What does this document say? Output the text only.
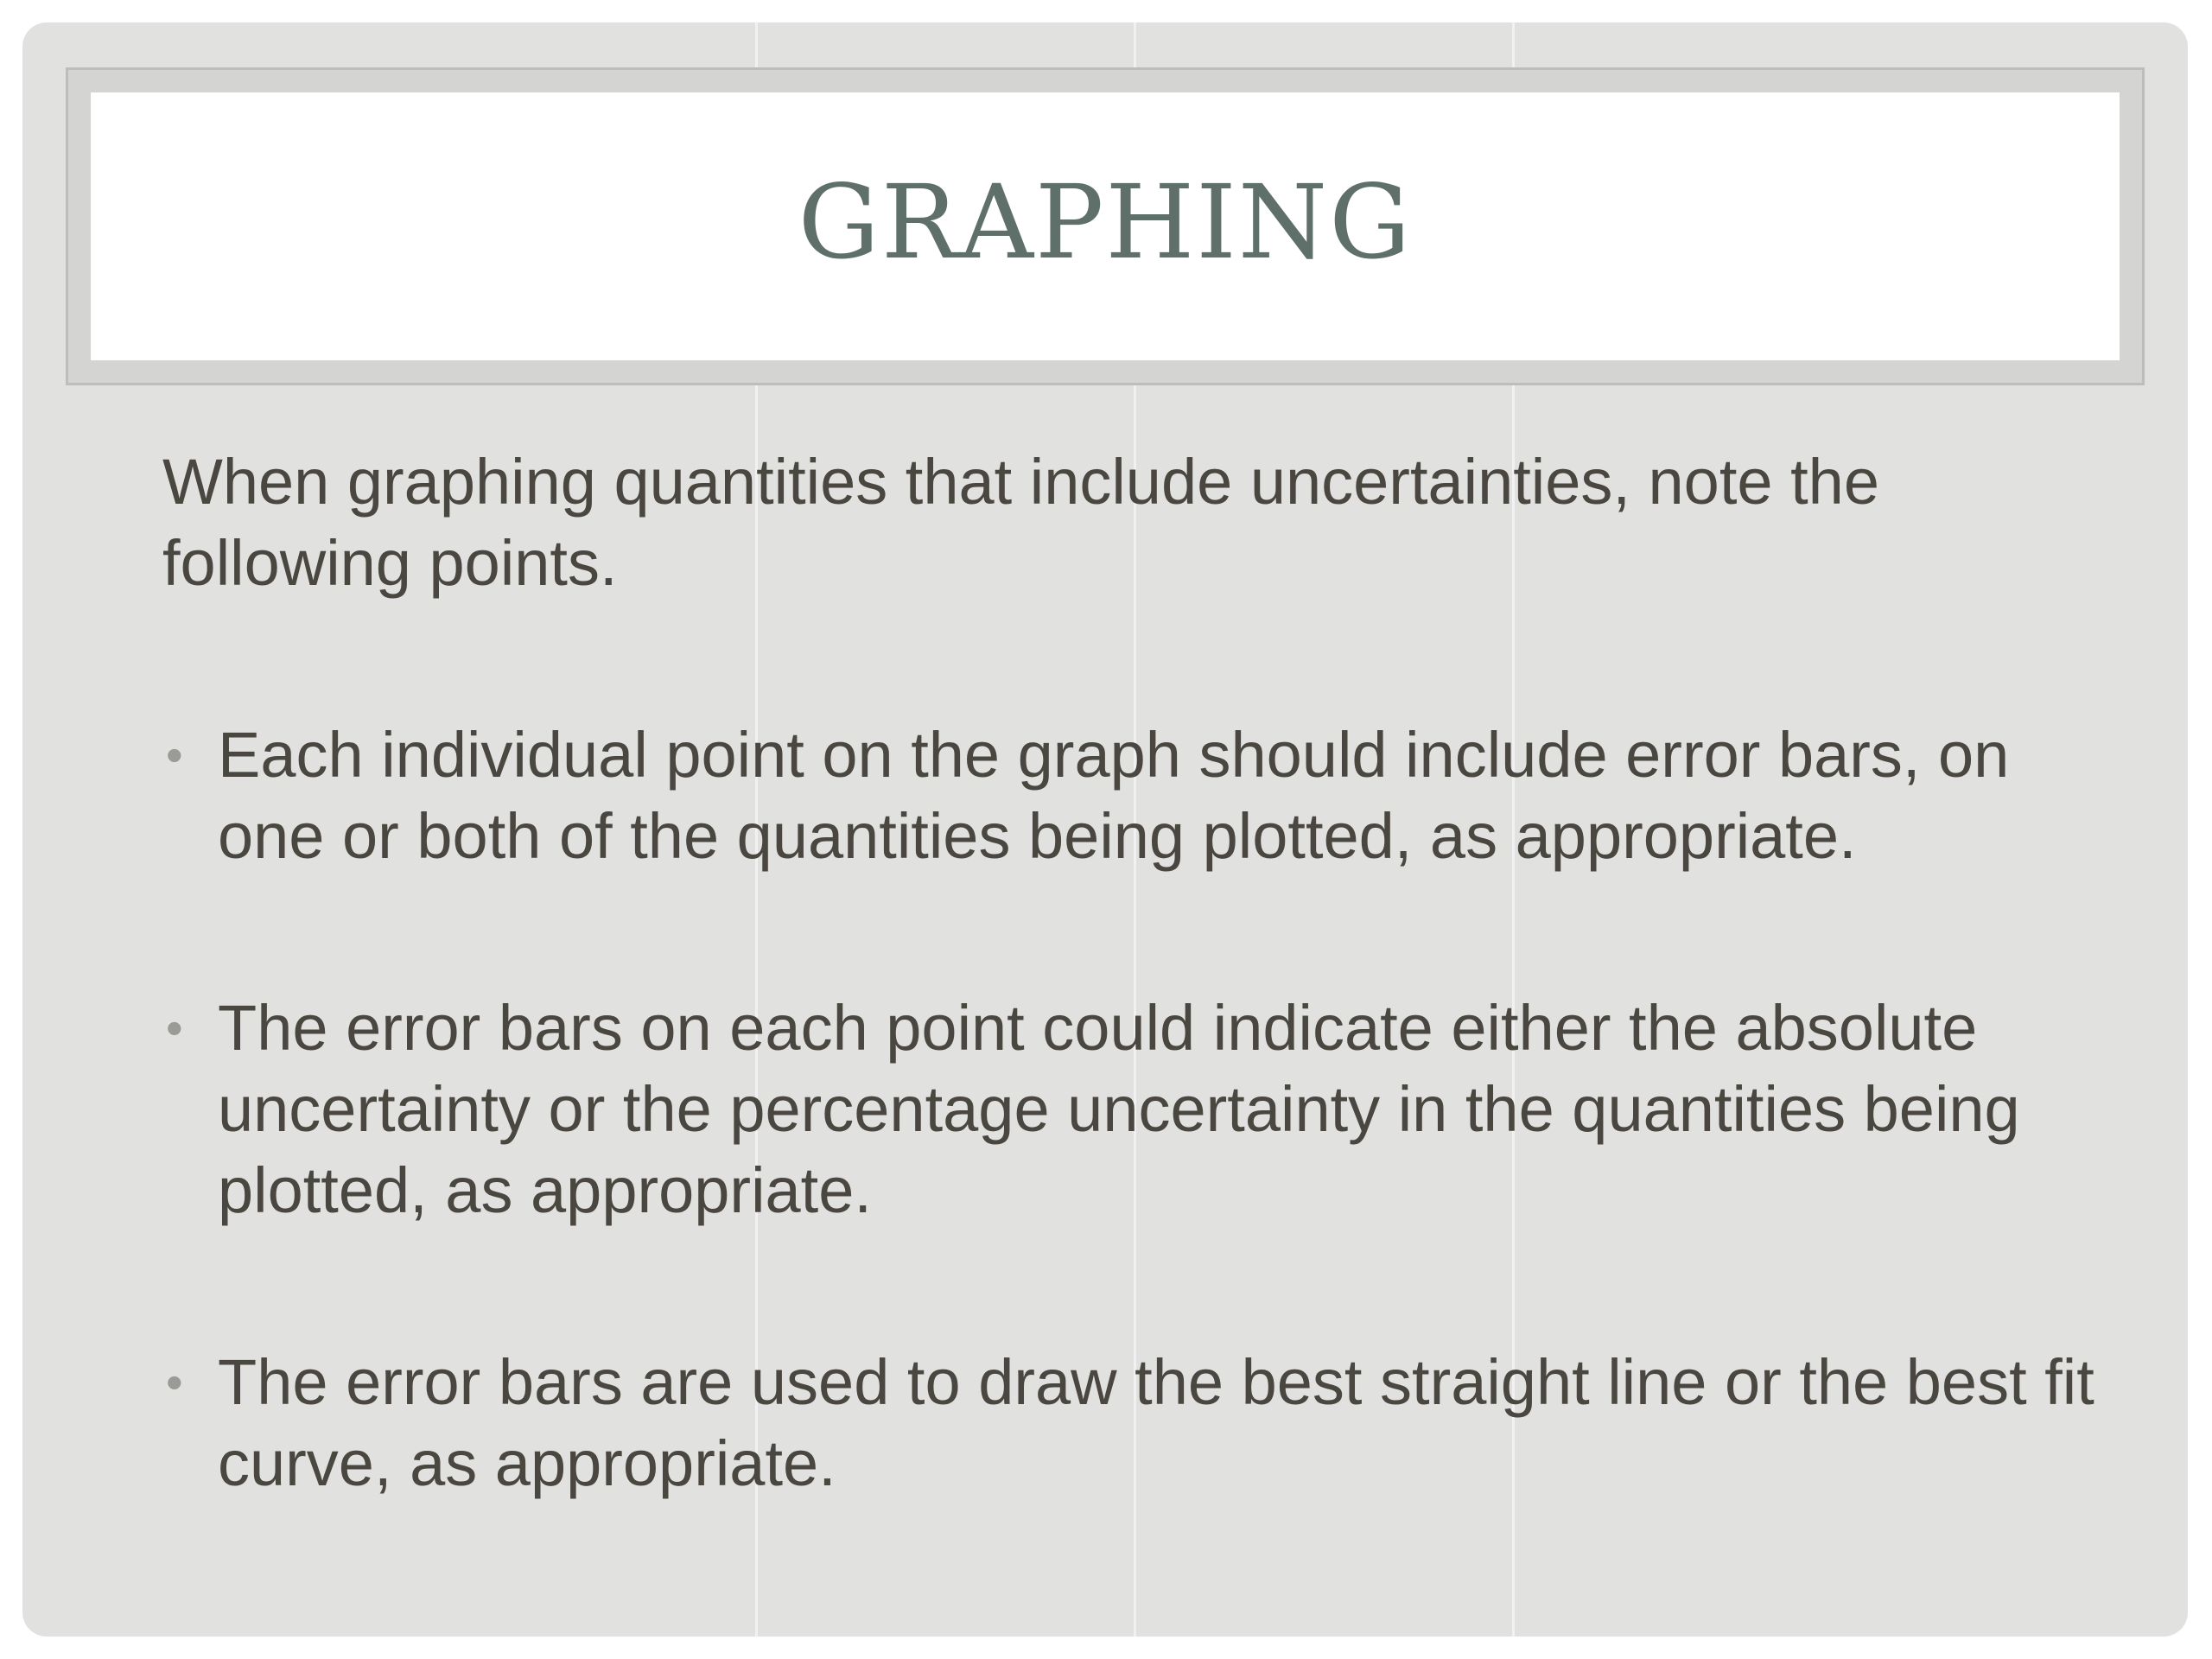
GRAPHING

When graphing quantities that include uncertainties, note the following points.

• Each individual point on the graph should include error bars, on one or both of the quantities being plotted, as appropriate.
• The error bars on each point could indicate either the absolute uncertainty or the percentage uncertainty in the quantities being plotted, as appropriate.
• The error bars are used to draw the best straight line or the best fit curve, as appropriate.
